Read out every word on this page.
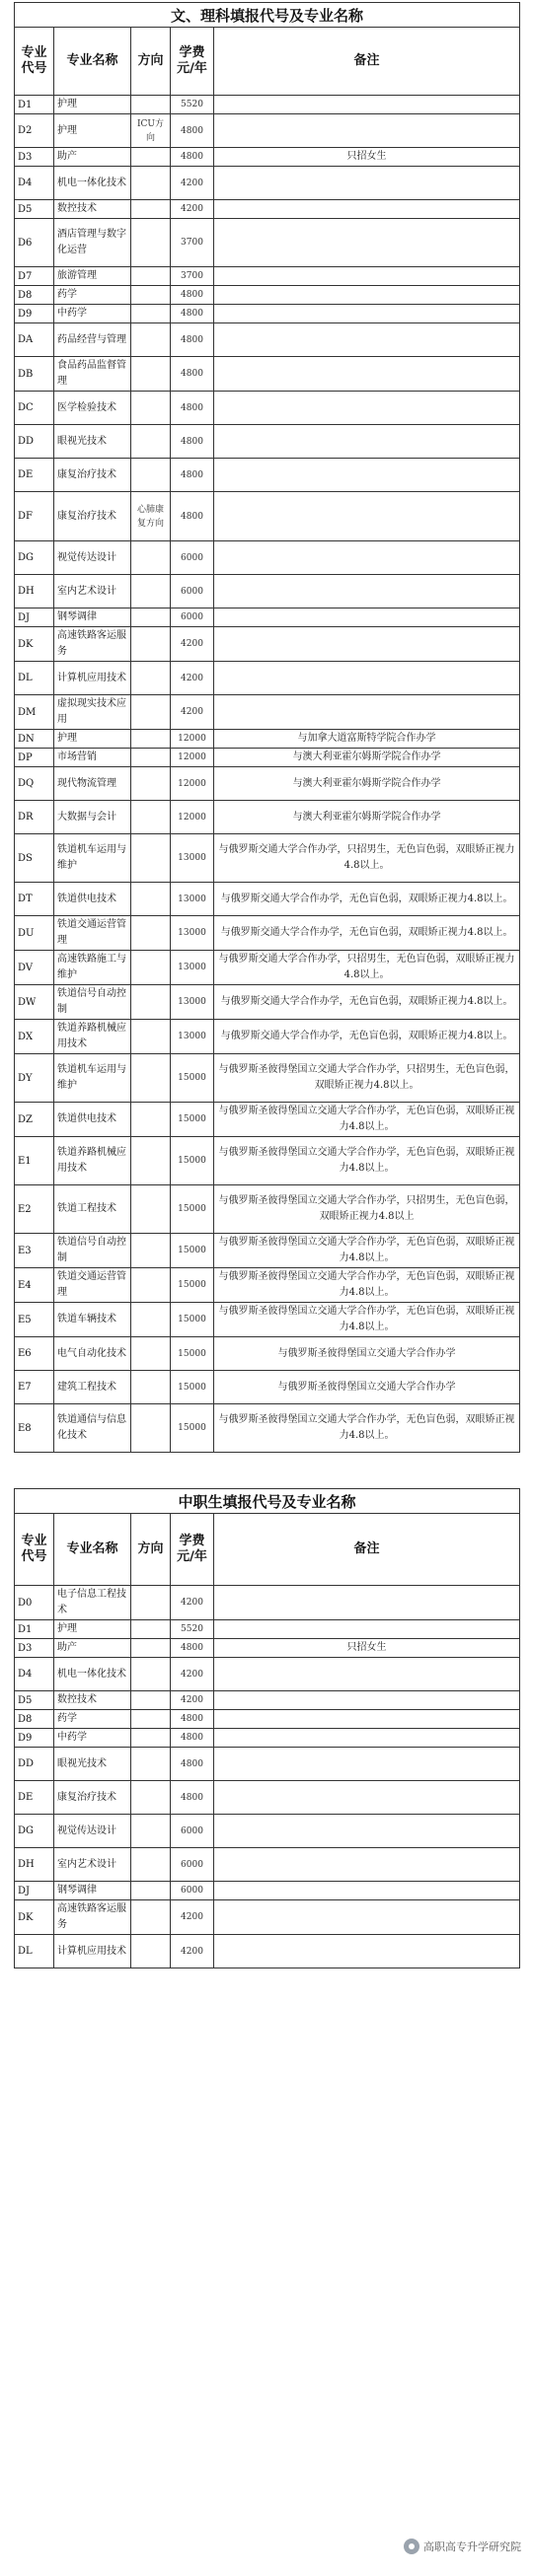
文、理科填报代号及专业名称				
专业代号	专业名称	方向	学费元/年	备注
D1	护理		5520	
D2	护理	ICU方向	4800	
D3	助产		4800	只招女生
D4	机电一体化技术		4200	
D5	数控技术		4200	
D6	酒店管理与数字化运营		3700	
D7	旅游管理		3700	
D8	药学		4800	
D9	中药学		4800	
DA	药品经营与管理		4800	
DB	食品药品监督管理		4800	
DC	医学检验技术		4800	
DD	眼视光技术		4800	
DE	康复治疗技术		4800	
DF	康复治疗技术	心肺康复方向	4800	
DG	视觉传达设计		6000	
DH	室内艺术设计		6000	
DJ	钢琴调律		6000	
DK	高速铁路客运服务		4200	
DL	计算机应用技术		4200	
DM	虚拟现实技术应用		4200	
DN	护理		12000	与加拿大道富斯特学院合作办学
DP	市场营销		12000	与澳大利亚霍尔姆斯学院合作办学
DQ	现代物流管理		12000	与澳大利亚霍尔姆斯学院合作办学
DR	大数据与会计		12000	与澳大利亚霍尔姆斯学院合作办学
DS	铁道机车运用与维护		13000	与俄罗斯交通大学合作办学，只招男生，无色盲色弱，双眼矫正视力4.8以上。
DT	铁道供电技术		13000	与俄罗斯交通大学合作办学，无色盲色弱，双眼矫正视力4.8以上。
DU	铁道交通运营管理		13000	与俄罗斯交通大学合作办学，无色盲色弱，双眼矫正视力4.8以上。
DV	高速铁路施工与维护		13000	与俄罗斯交通大学合作办学，只招男生，无色盲色弱，双眼矫正视力4.8以上。
DW	铁道信号自动控制		13000	与俄罗斯交通大学合作办学，无色盲色弱，双眼矫正视力4.8以上。
DX	铁道养路机械应用技术		13000	与俄罗斯交通大学合作办学，无色盲色弱，双眼矫正视力4.8以上。
DY	铁道机车运用与维护		15000	与俄罗斯圣彼得堡国立交通大学合作办学，只招男生，无色盲色弱，双眼矫正视力4.8以上。
DZ	铁道供电技术		15000	与俄罗斯圣彼得堡国立交通大学合作办学，无色盲色弱，双眼矫正视力4.8以上。
E1	铁道养路机械应用技术		15000	与俄罗斯圣彼得堡国立交通大学合作办学，无色盲色弱，双眼矫正视力4.8以上。
E2	铁道工程技术		15000	与俄罗斯圣彼得堡国立交通大学合作办学，只招男生，无色盲色弱，双眼矫正视力4.8以上
E3	铁道信号自动控制		15000	与俄罗斯圣彼得堡国立交通大学合作办学，无色盲色弱，双眼矫正视力4.8以上。
E4	铁道交通运营管理		15000	与俄罗斯圣彼得堡国立交通大学合作办学，无色盲色弱，双眼矫正视力4.8以上。
E5	铁道车辆技术		15000	与俄罗斯圣彼得堡国立交通大学合作办学，无色盲色弱，双眼矫正视力4.8以上。
E6	电气自动化技术		15000	与俄罗斯圣彼得堡国立交通大学合作办学
E7	建筑工程技术		15000	与俄罗斯圣彼得堡国立交通大学合作办学
E8	铁道通信与信息化技术		15000	与俄罗斯圣彼得堡国立交通大学合作办学，无色盲色弱，双眼矫正视力4.8以上。

中职生填报代号及专业名称				
专业代号	专业名称	方向	学费元/年	备注
D0	电子信息工程技术		4200	
D1	护理		5520	
D3	助产		4800	只招女生
D4	机电一体化技术		4200	
D5	数控技术		4200	
D8	药学		4800	
D9	中药学		4800	
DD	眼视光技术		4800	
DE	康复治疗技术		4800	
DG	视觉传达设计		6000	
DH	室内艺术设计		6000	
DJ	钢琴调律		6000	
DK	高速铁路客运服务		4200	
DL	计算机应用技术		4200	
高职高专升学研究院
